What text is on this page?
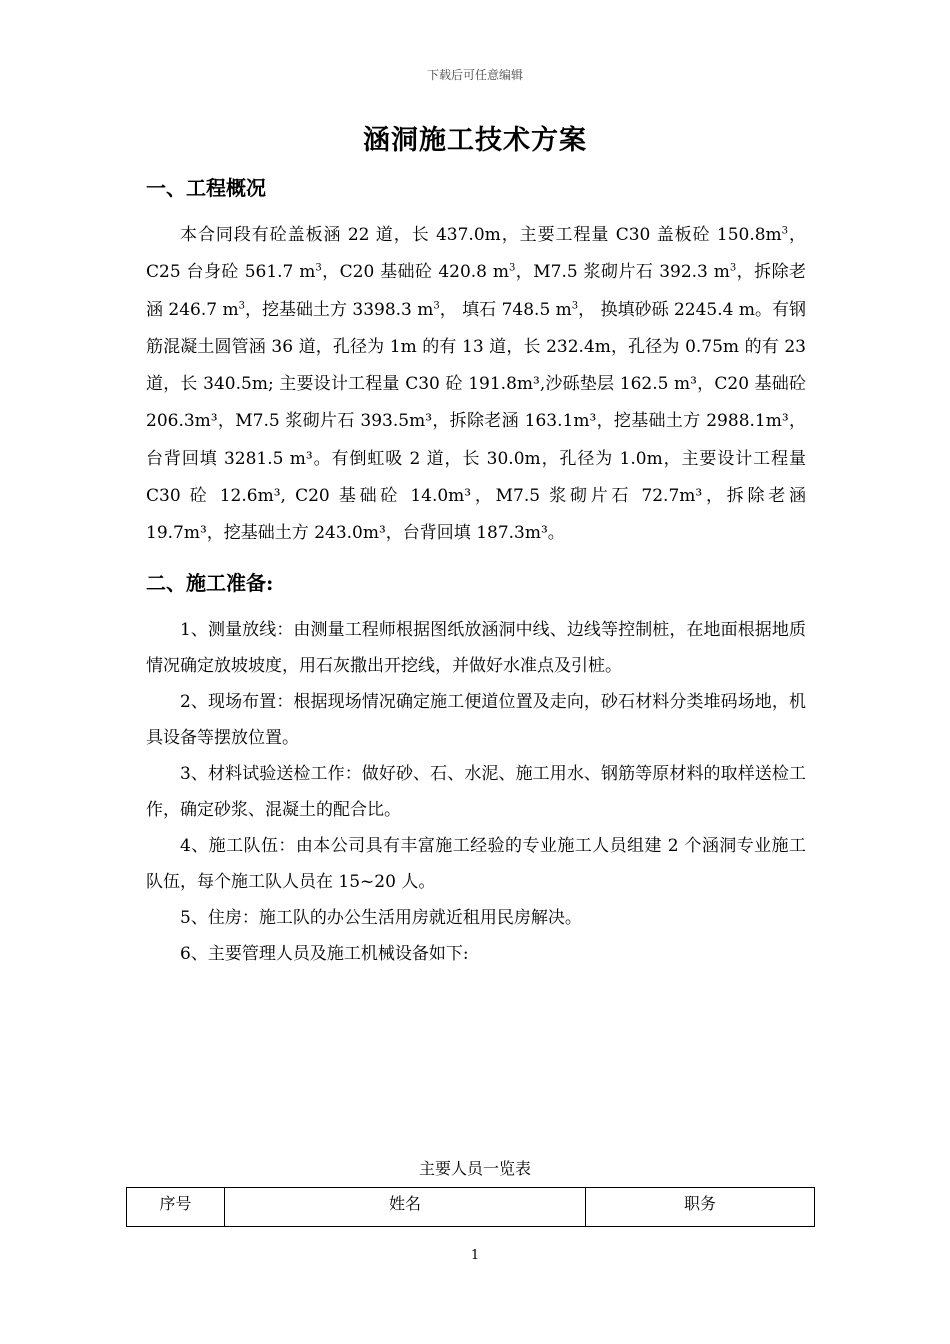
下载后可任意编辑
涵洞施工技术方案
一、工程概况

本合同段有砼盖板涵 22 道，长 437.0m，主要工程量 C30 盖板砼 $150.8m^3$，C25 台身砼 561.7 $m^3$，C20 基础砼 420.8 $m^3$，M7.5 浆砌片石 392.3 $m^3$，拆除老涵 246.7 $m^3$，挖基础土方 3398.3 $m^3$， 填石 748.5 $m^3$， 换填砂砾 2245.4 m。有钢筋混凝土圆管涵 36 道，孔径为 1m 的有 13 道，长 232.4m，孔径为 0.75m 的有 23 道，长 340.5m; 主要设计工程量 C30 砼 191.8m³,沙砾垫层 162.5 m³，C20 基础砼 206.3m³，M7.5 浆砌片石 393.5m³，拆除老涵 163.1m³，挖基础土方 2988.1m³，台背回填 3281.5 m³。有倒虹吸 2 道，长 30.0m，孔径为 1.0m，主要设计工程量 C30 砼 12.6m³, C20 基础砼 14.0m³，M7.5 浆砌片石 72.7m³，拆除老涵 19.7m³，挖基础土方 243.0m³，台背回填 187.3m³。

二、施工准备:

1、测量放线：由测量工程师根据图纸放涵洞中线、边线等控制桩，在地面根据地质情况确定放坡坡度，用石灰撒出开挖线，并做好水准点及引桩。

2、现场布置：根据现场情况确定施工便道位置及走向，砂石材料分类堆码场地，机具设备等摆放位置。

3、材料试验送检工作：做好砂、石、水泥、施工用水、钢筋等原材料的取样送检工作，确定砂浆、混凝土的配合比。

4、施工队伍：由本公司具有丰富施工经验的专业施工人员组建 2 个涵洞专业施工队伍，每个施工队人员在 15~20 人。

5、住房：施工队的办公生活用房就近租用民房解决。

6、主要管理人员及施工机械设备如下:

主要人员一览表
序号	姓名	职务
1
